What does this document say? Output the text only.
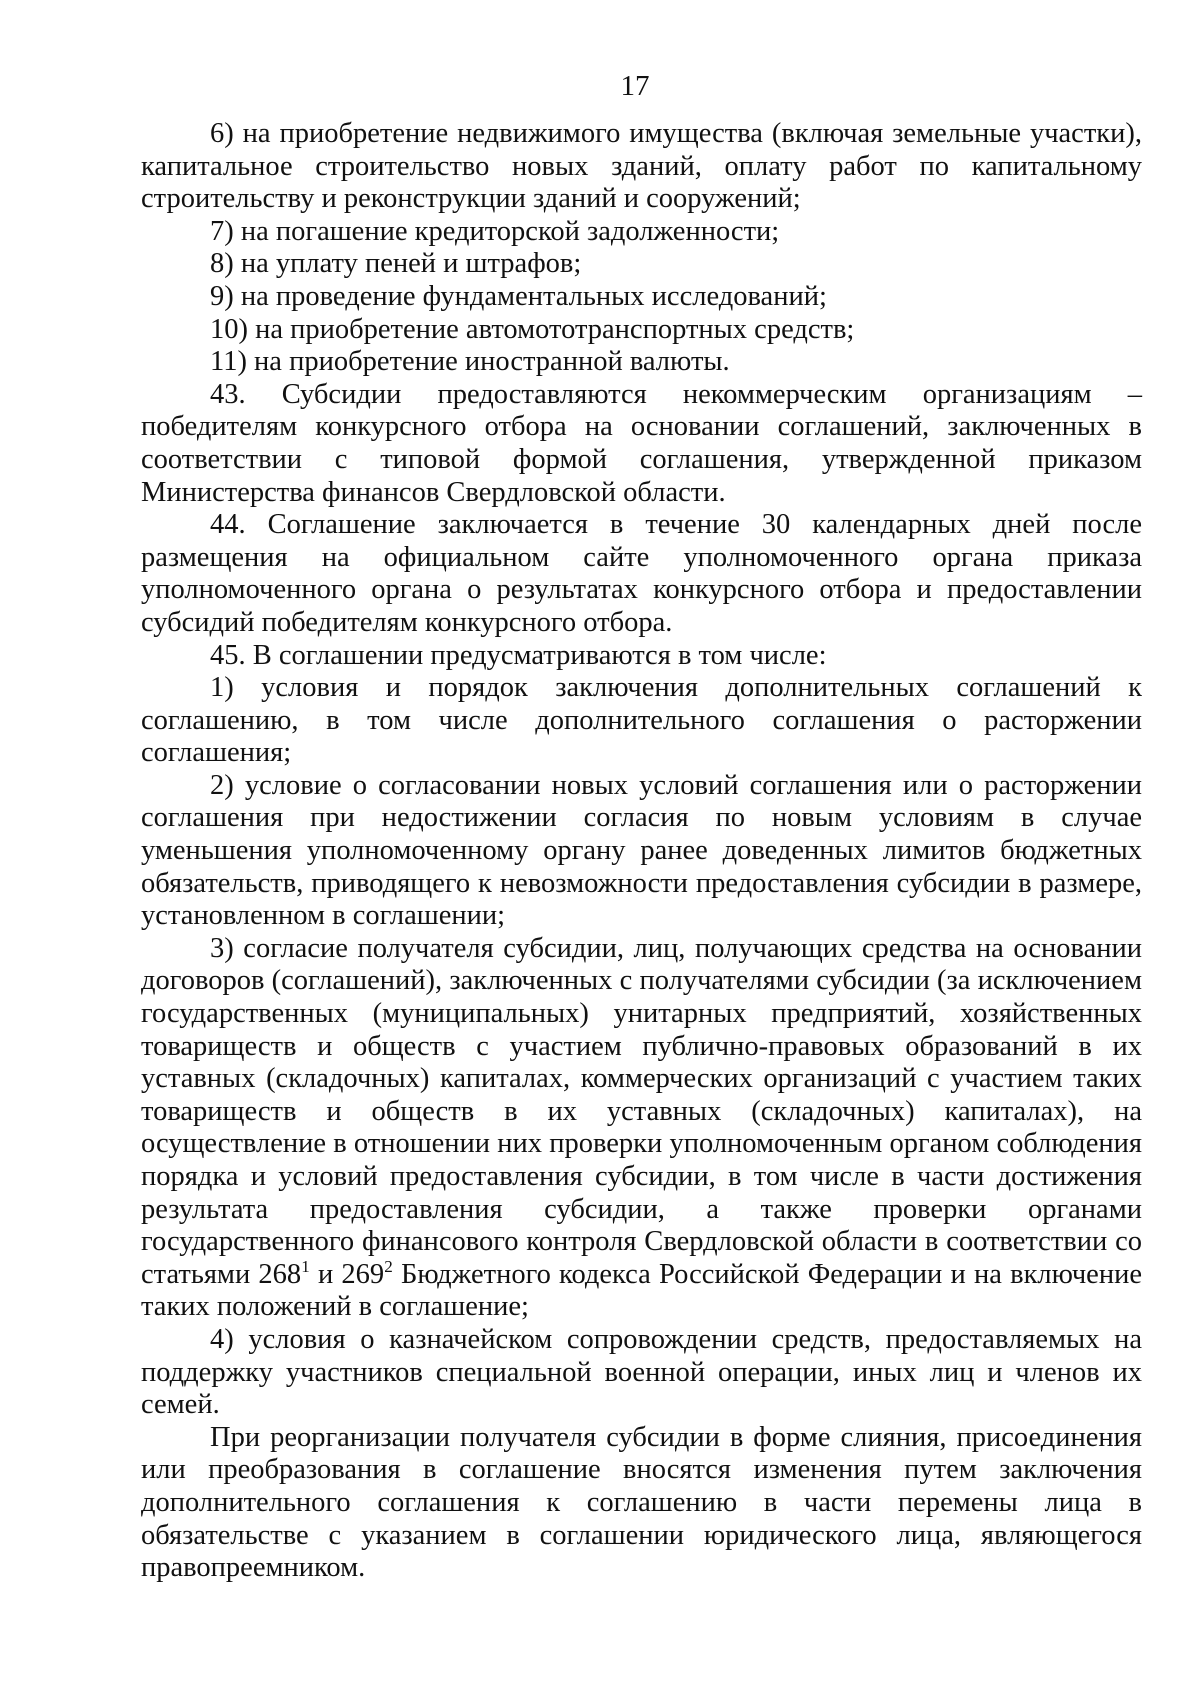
17

6) на приобретение недвижимого имущества (включая земельные участки), капитальное строительство новых зданий, оплату работ по капитальному строительству и реконструкции зданий и сооружений;

7) на погашение кредиторской задолженности;

8) на уплату пеней и штрафов;

9) на проведение фундаментальных исследований;

10) на приобретение автомототранспортных средств;

11) на приобретение иностранной валюты.

43. Субсидии предоставляются некоммерческим организациям – победителям конкурсного отбора на основании соглашений, заключенных в соответствии с типовой формой соглашения, утвержденной приказом Министерства финансов Свердловской области.

44. Соглашение заключается в течение 30 календарных дней после размещения на официальном сайте уполномоченного органа приказа уполномоченного органа о результатах конкурсного отбора и предоставлении субсидий победителям конкурсного отбора.

45. В соглашении предусматриваются в том числе:

1) условия и порядок заключения дополнительных соглашений к соглашению, в том числе дополнительного соглашения о расторжении соглашения;

2) условие о согласовании новых условий соглашения или о расторжении соглашения при недостижении согласия по новым условиям в случае уменьшения уполномоченному органу ранее доведенных лимитов бюджетных обязательств, приводящего к невозможности предоставления субсидии в размере, установленном в соглашении;

3) согласие получателя субсидии, лиц, получающих средства на основании договоров (соглашений), заключенных с получателями субсидии (за исключением государственных (муниципальных) унитарных предприятий, хозяйственных товариществ и обществ с участием публично-правовых образований в их уставных (складочных) капиталах, коммерческих организаций с участием таких товариществ и обществ в их уставных (складочных) капиталах), на осуществление в отношении них проверки уполномоченным органом соблюдения порядка и условий предоставления субсидии, в том числе в части достижения результата предоставления субсидии, а также проверки органами государственного финансового контроля Свердловской области в соответствии со статьями $268^1$ и $269^2$ Бюджетного кодекса Российской Федерации и на включение таких положений в соглашение;

4) условия о казначейском сопровождении средств, предоставляемых на поддержку участников специальной военной операции, иных лиц и членов их семей.

При реорганизации получателя субсидии в форме слияния, присоединения или преобразования в соглашение вносятся изменения путем заключения дополнительного соглашения к соглашению в части перемены лица в обязательстве с указанием в соглашении юридического лица, являющегося правопреемником.
